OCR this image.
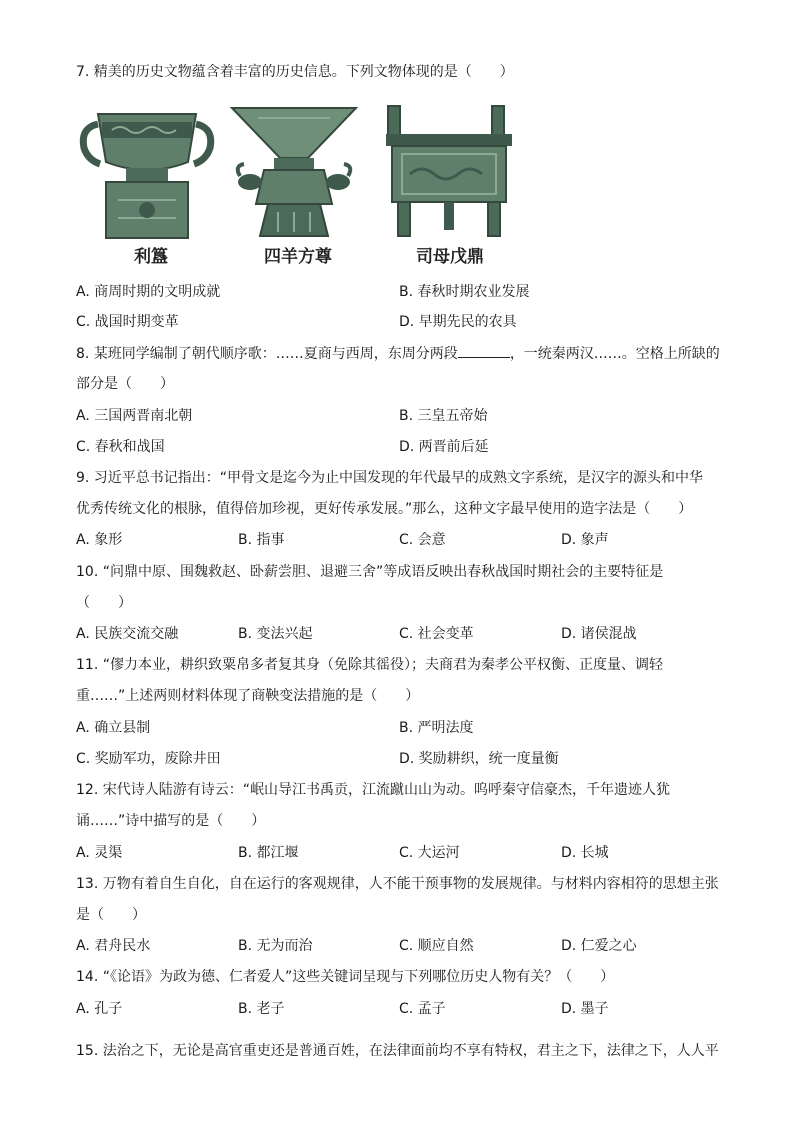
7. 精美的历史文物蕴含着丰富的历史信息。下列文物体现的是（　　）
利簋	四羊方尊	司母戊鼎
A. 商周时期的文明成就	B. 春秋时期农业发展
C. 战国时期变革	D. 早期先民的农具
8. 某班同学编制了朝代顺序歌：……夏商与西周，东周分两段	，一统秦两汉……。空格上所缺的
部分是（　　）
A. 三国两晋南北朝	B. 三皇五帝始
C. 春秋和战国	D. 两晋前后延
9. 习近平总书记指出：“甲骨文是迄今为止中国发现的年代最早的成熟文字系统，是汉字的源头和中华
优秀传统文化的根脉，值得倍加珍视，更好传承发展。”那么，这种文字最早使用的造字法是（　　）
A. 象形	B. 指事	C. 会意	D. 象声
10. “问鼎中原、围魏救赵、卧薪尝胆、退避三舍”等成语反映出春秋战国时期社会的主要特征是
（　　）
A. 民族交流交融	B. 变法兴起	C. 社会变革	D. 诸侯混战
11. “僇力本业，耕织致粟帛多者复其身（免除其徭役）；夫商君为秦孝公平权衡、正度量、调轻
重……”上述两则材料体现了商鞅变法措施的是（　　）
A. 确立县制	B. 严明法度
C. 奖励军功，废除井田	D. 奖励耕织，统一度量衡
12. 宋代诗人陆游有诗云：“岷山导江书禹贡，江流蹴山山为动。呜呼秦守信豪杰，千年遗迹人犹
诵……”诗中描写的是（　　）
A. 灵渠	B. 都江堰	C. 大运河	D. 长城
13. 万物有着自生自化，自在运行的客观规律，人不能干预事物的发展规律。与材料内容相符的思想主张
是（　　）
A. 君舟民水	B. 无为而治	C. 顺应自然	D. 仁爱之心
14. “《论语》为政为德、仁者爱人”这些关键词呈现与下列哪位历史人物有关？（　　）
A. 孔子	B. 老子	C. 孟子	D. 墨子
15. 法治之下，无论是高官重吏还是普通百姓，在法律面前均不享有特权，君主之下，法律之下，人人平
